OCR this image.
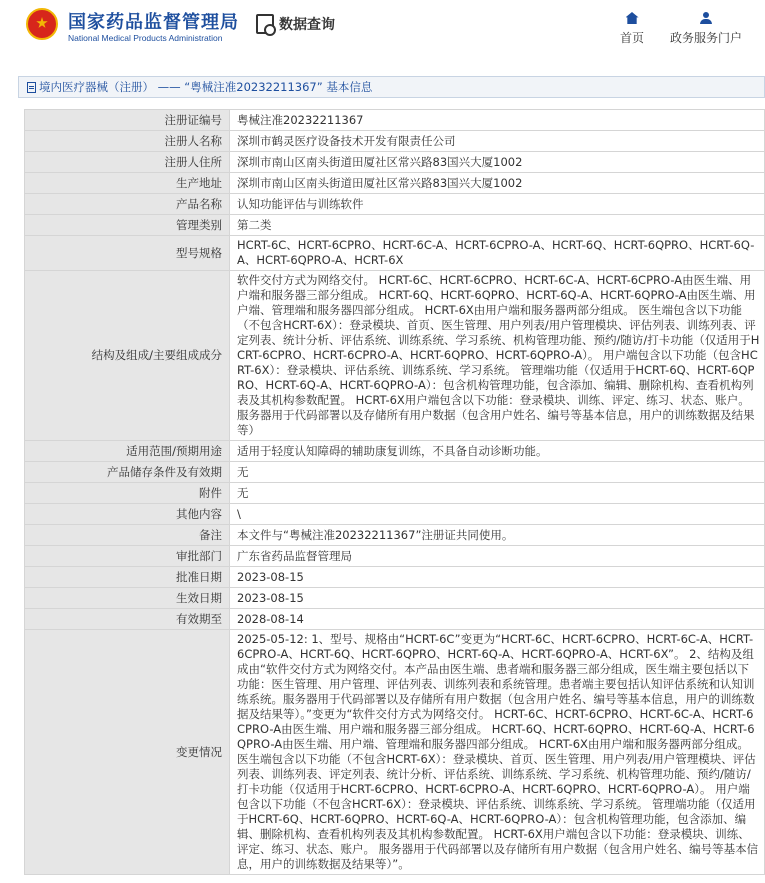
国家药品监督管理局
National Medical Products Administration
数据查询
首页 政务服务门户
境内医疗器械（注册） —— “粤械注准20232211367” 基本信息
注册证编号	粤械注准20232211367
注册人名称	深圳市鹤灵医疗设备技术开发有限责任公司
注册人住所	深圳市南山区南头街道田厦社区常兴路83国兴大厦1002
生产地址	深圳市南山区南头街道田厦社区常兴路83国兴大厦1002
产品名称	认知功能评估与训练软件
管理类别	第二类
型号规格	HCRT-6C、HCRT-6CPRO、HCRT-6C-A、HCRT-6CPRO-A、HCRT-6Q、HCRT-6QPRO、HCRT-6Q-A、HCRT-6QPRO-A、HCRT-6X
结构及组成/主要组成成分	软件交付方式为网络交付。 HCRT-6C、HCRT-6CPRO、HCRT-6C-A、HCRT-6CPRO-A由医生端、用户端和服务器三部分组成。 HCRT-6Q、HCRT-6QPRO、HCRT-6Q-A、HCRT-6QPRO-A由医生端、用户端、管理端和服务器四部分组成。 HCRT-6X由用户端和服务器两部分组成。 医生端包含以下功能（不包含HCRT-6X）：登录模块、首页、医生管理、用户列表/用户管理模块、评估列表、训练列表、评定列表、统计分析、评估系统、训练系统、学习系统、机构管理功能、预约/随访/打卡功能（仅适用于HCRT-6CPRO、HCRT-6CPRO-A、HCRT-6QPRO、HCRT-6QPRO-A）。 用户端包含以下功能（包含HCRT-6X）：登录模块、评估系统、训练系统、学习系统。 管理端功能（仅适用于HCRT-6Q、HCRT-6QPRO、HCRT-6Q-A、HCRT-6QPRO-A）：包含机构管理功能，包含添加、编辑、删除机构、查看机构列表及其机构参数配置。 HCRT-6X用户端包含以下功能：登录模块、训练、评定、练习、状态、账户。 服务器用于代码部署以及存储所有用户数据（包含用户姓名、编号等基本信息，用户的训练数据及结果等）
适用范围/预期用途	适用于轻度认知障碍的辅助康复训练，不具备自动诊断功能。
产品储存条件及有效期	无
附件	无
其他内容	\
备注	本文件与“粤械注准20232211367”注册证共同使用。
审批部门	广东省药品监督管理局
批准日期	2023-08-15
生效日期	2023-08-15
有效期至	2028-08-14
变更情况	2025-05-12: 1、型号、规格由“HCRT-6C”变更为“HCRT-6C、HCRT-6CPRO、HCRT-6C-A、HCRT-6CPRO-A、HCRT-6Q、HCRT-6QPRO、HCRT-6Q-A、HCRT-6QPRO-A、HCRT-6X”。 2、结构及组成由“软件交付方式为网络交付。本产品由医生端、患者端和服务器三部分组成，医生端主要包括以下功能：医生管理、用户管理、评估列表、训练列表和系统管理。患者端主要包括认知评估系统和认知训练系统。服务器用于代码部署以及存储所有用户数据（包含用户姓名、编号等基本信息，用户的训练数据及结果等）。”变更为“软件交付方式为网络交付。 HCRT-6C、HCRT-6CPRO、HCRT-6C-A、HCRT-6CPRO-A由医生端、用户端和服务器三部分组成。 HCRT-6Q、HCRT-6QPRO、HCRT-6Q-A、HCRT-6QPRO-A由医生端、用户端、管理端和服务器四部分组成。 HCRT-6X由用户端和服务器两部分组成。 医生端包含以下功能（不包含HCRT-6X）：登录模块、首页、医生管理、用户列表/用户管理模块、评估列表、训练列表、评定列表、统计分析、评估系统、训练系统、学习系统、机构管理功能、预约/随访/打卡功能（仅适用于HCRT-6CPRO、HCRT-6CPRO-A、HCRT-6QPRO、HCRT-6QPRO-A）。 用户端包含以下功能（不包含HCRT-6X）：登录模块、评估系统、训练系统、学习系统。 管理端功能（仅适用于HCRT-6Q、HCRT-6QPRO、HCRT-6Q-A、HCRT-6QPRO-A）：包含机构管理功能，包含添加、编辑、删除机构、查看机构列表及其机构参数配置。 HCRT-6X用户端包含以下功能：登录模块、训练、评定、练习、状态、账户。 服务器用于代码部署以及存储所有用户数据（包含用户姓名、编号等基本信息，用户的训练数据及结果等）”。
